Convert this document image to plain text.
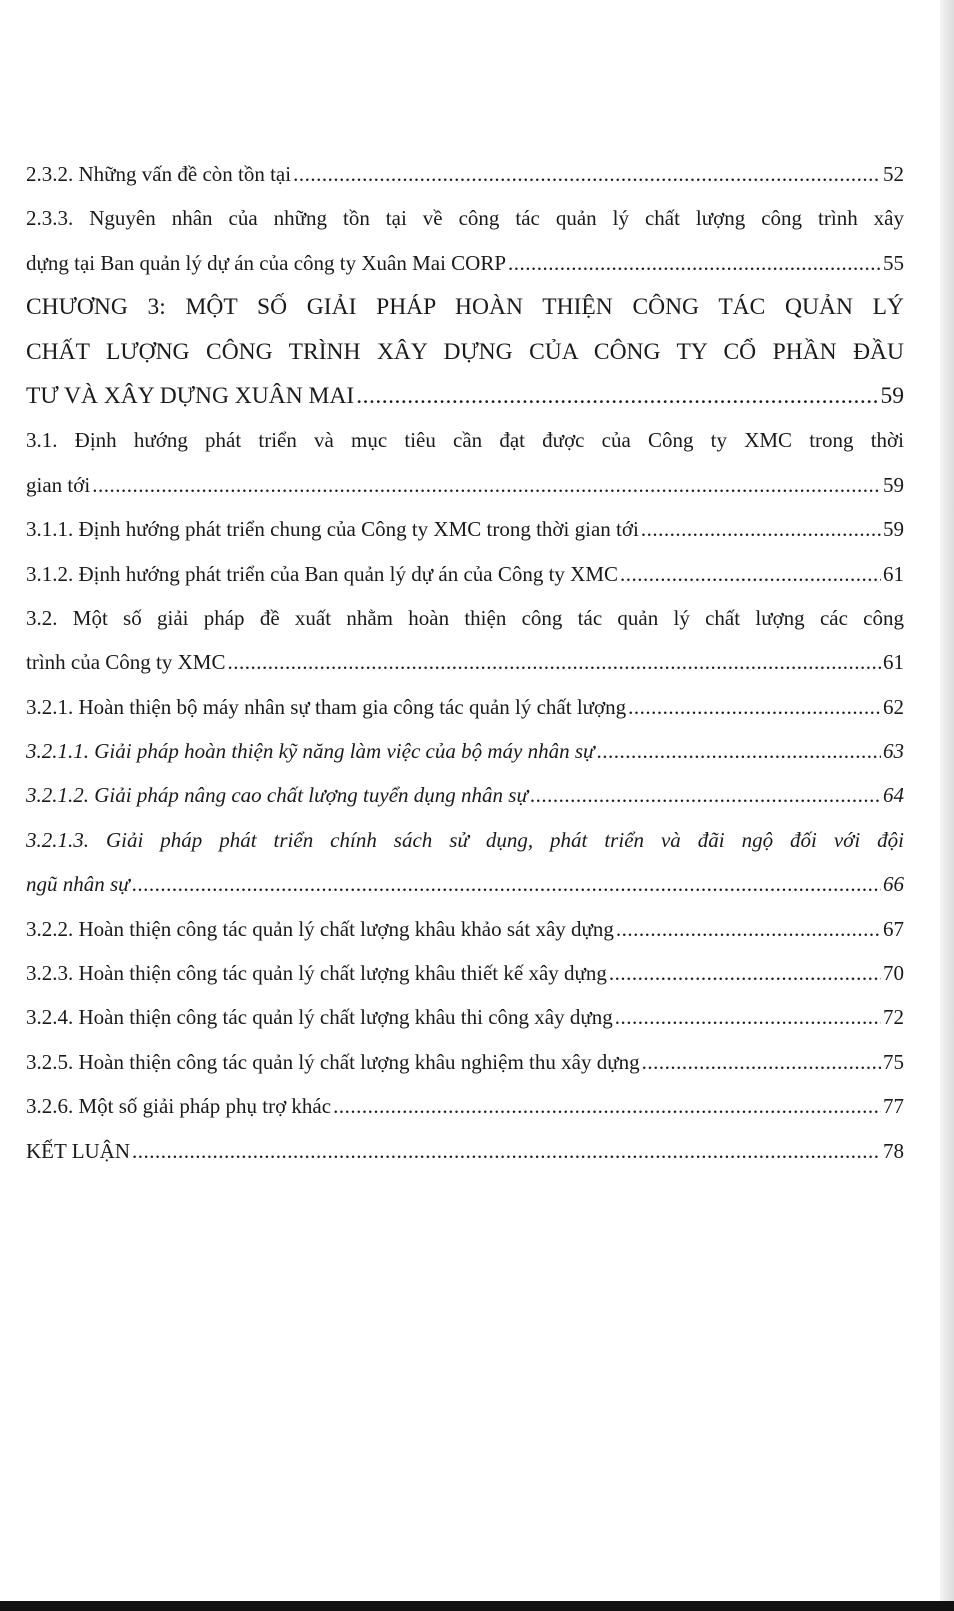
2.3.2. Những vấn đề còn tồn tại .....	52
2.3.3. Nguyên nhân của những tồn tại về công tác quản lý chất lượng công trình xây
dựng tại Ban quản lý dự án của công ty Xuân Mai CORP .....	55
CHƯƠNG 3: MỘT SỐ GIẢI PHÁP HOÀN THIỆN CÔNG TÁC QUẢN LÝ
CHẤT LƯỢNG CÔNG TRÌNH XÂY DỰNG CỦA CÔNG TY CỔ PHẦN ĐẦU
TƯ VÀ XÂY DỰNG XUÂN MAI .....	59
3.1. Định hướng phát triển và mục tiêu cần đạt được của Công ty XMC trong thời
gian tới .....	59
3.1.1. Định hướng phát triển chung của Công ty XMC trong thời gian tới .....	59
3.1.2. Định hướng phát triển của Ban quản lý dự án của Công ty XMC .....	61
3.2. Một số giải pháp đề xuất nhằm hoàn thiện công tác quản lý chất lượng các công
trình của Công ty XMC .....	61
3.2.1. Hoàn thiện bộ máy nhân sự tham gia công tác quản lý chất lượng .....	62
3.2.1.1. Giải pháp hoàn thiện kỹ năng làm việc của bộ máy nhân sự .....	63
3.2.1.2. Giải pháp nâng cao chất lượng tuyển dụng nhân sự .....	64
3.2.1.3. Giải pháp phát triển chính sách sử dụng, phát triển và đãi ngộ đối với đội
ngũ nhân sự .....	66
3.2.2. Hoàn thiện công tác quản lý chất lượng khâu khảo sát xây dựng .....	67
3.2.3. Hoàn thiện công tác quản lý chất lượng khâu thiết kế xây dựng .....	70
3.2.4. Hoàn thiện công tác quản lý chất lượng khâu thi công xây dựng .....	72
3.2.5. Hoàn thiện công tác quản lý chất lượng khâu nghiệm thu xây dựng .....	75
3.2.6. Một số giải pháp phụ trợ khác .....	77
KẾT LUẬN .....	78
